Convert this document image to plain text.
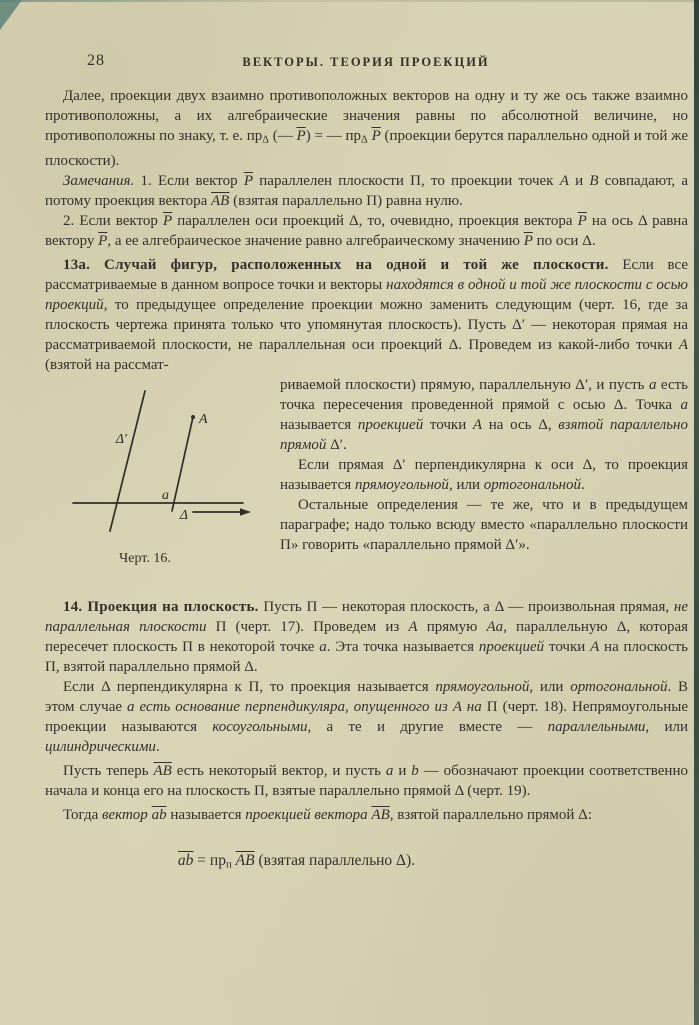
28	ВЕКТОРЫ. ТЕОРИЯ ПРОЕКЦИЙ

Далее, проекции двух взаимно противоположных векторов на одну и ту же ось также взаимно противоположны, а их алгебраические значения равны по абсолютной величине, но противоположны по знаку, т. е. прΔ (— $\overline{P}$) = — прΔ $\overline{P}$ (проекции берутся параллельно одной и той же плоскости).

Замечания. 1. Если вектор $\overline{P}$ параллелен плоскости П, то проекции точек A и B совпадают, а потому проекция вектора $\overline{AB}$ (взятая параллельно П) равна нулю.

2. Если вектор $\overline{P}$ параллелен оси проекций Δ, то, очевидно, проекция вектора $\overline{P}$ на ось Δ равна вектору $\overline{P}$, а ее алгебраическое значение равно алгебраическому значению $\overline{P}$ по оси Δ.

13а. Случай фигур, расположенных на одной и той же плоскости. Если все рассматриваемые в данном вопросе точки и векторы находятся в одной и той же плоскости с осью проекций, то предыдущее определение проекции можно заменить следующим (черт. 16, где за плоскость чертежа принята только что упомянутая плоскость). Пусть Δ′ — некоторая прямая на рассматриваемой плоскости, не параллельная оси проекций Δ. Проведем из какой-либо точки A (взятой на рассмат-

Δ′
A
a
Δ
Черт. 16.

риваемой плоскости) прямую, параллельную Δ′, и пусть a есть точка пересечения проведенной прямой с осью Δ. Точка a называется проекцией точки A на ось Δ, взятой параллельно прямой Δ′.

Если прямая Δ′ перпендикулярна к оси Δ, то проекция называется прямоугольной, или ортогональной.

Остальные определения — те же, что и в предыдущем параграфе; надо только всюду вместо «параллельно плоскости П» говорить «параллельно прямой Δ′».

14. Проекция на плоскость. Пусть П — некоторая плоскость, а Δ — произвольная прямая, не параллельная плоскости П (черт. 17). Проведем из A прямую Aa, параллельную Δ, которая пересечет плоскость П в некоторой точке a. Эта точка называется проекцией точки A на плоскость П, взятой параллельно прямой Δ.

Если Δ перпендикулярна к П, то проекция называется прямоугольной, или ортогональной. В этом случае a есть основание перпендикуляра, опущенного из A на П (черт. 18). Непрямоугольные проекции называются косоугольными, а те и другие вместе — параллельными, или цилиндрическими.

Пусть теперь $\overline{AB}$ есть некоторый вектор, и пусть a и b — обозначают проекции соответственно начала и конца его на плоскость П, взятые параллельно прямой Δ (черт. 19).

Тогда вектор $\overline{ab}$ называется проекцией вектора $\overline{AB}$, взятой параллельно прямой Δ:

$\overline{ab}$ = прп $\overline{AB}$ (взятая параллельно Δ).
